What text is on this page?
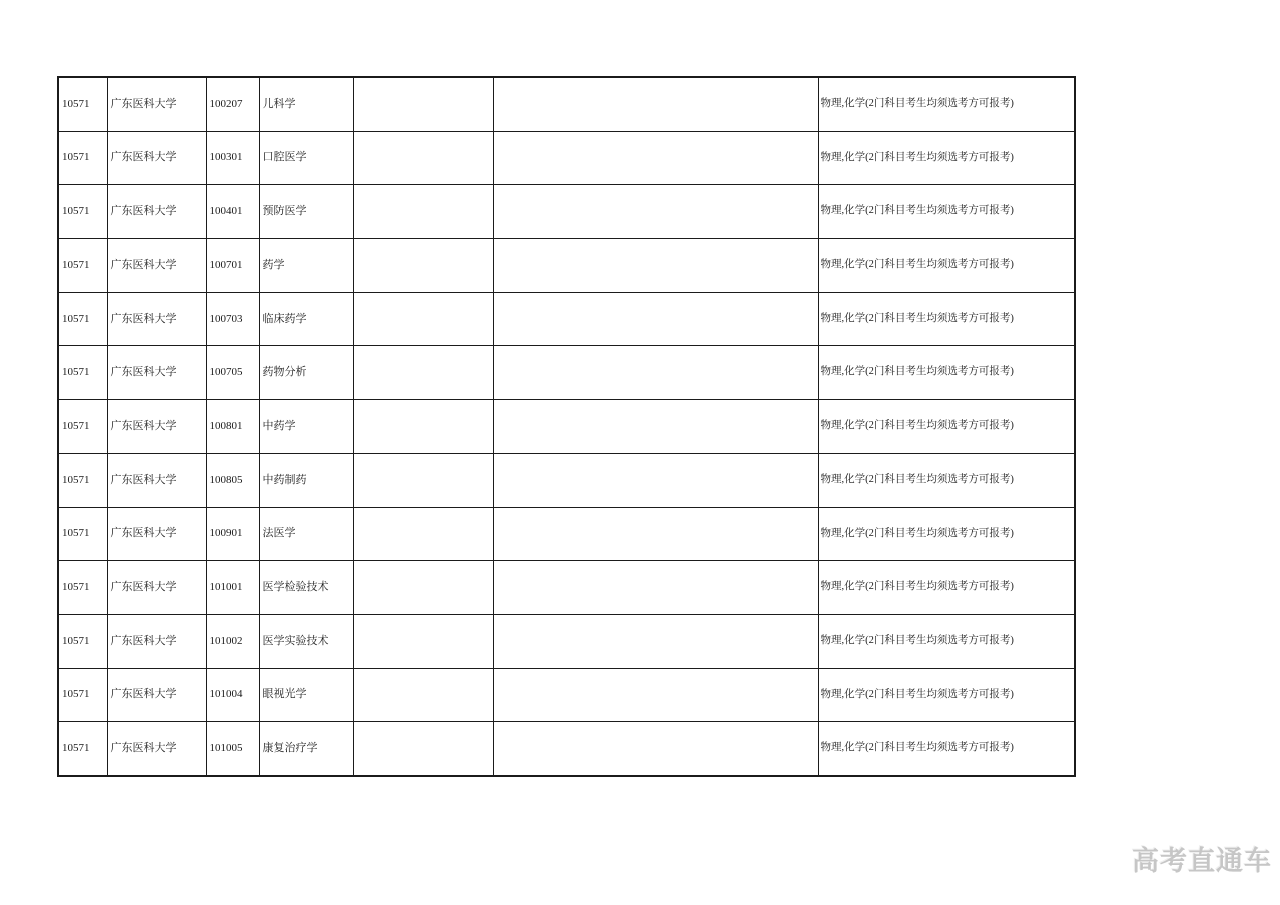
10571	广东医科大学	100207	儿科学			物理,化学(2门科目考生均须选考方可报考)
10571	广东医科大学	100301	口腔医学			物理,化学(2门科目考生均须选考方可报考)
10571	广东医科大学	100401	预防医学			物理,化学(2门科目考生均须选考方可报考)
10571	广东医科大学	100701	药学			物理,化学(2门科目考生均须选考方可报考)
10571	广东医科大学	100703	临床药学			物理,化学(2门科目考生均须选考方可报考)
10571	广东医科大学	100705	药物分析			物理,化学(2门科目考生均须选考方可报考)
10571	广东医科大学	100801	中药学			物理,化学(2门科目考生均须选考方可报考)
10571	广东医科大学	100805	中药制药			物理,化学(2门科目考生均须选考方可报考)
10571	广东医科大学	100901	法医学			物理,化学(2门科目考生均须选考方可报考)
10571	广东医科大学	101001	医学检验技术			物理,化学(2门科目考生均须选考方可报考)
10571	广东医科大学	101002	医学实验技术			物理,化学(2门科目考生均须选考方可报考)
10571	广东医科大学	101004	眼视光学			物理,化学(2门科目考生均须选考方可报考)
10571	广东医科大学	101005	康复治疗学			物理,化学(2门科目考生均须选考方可报考)
高考直通车
